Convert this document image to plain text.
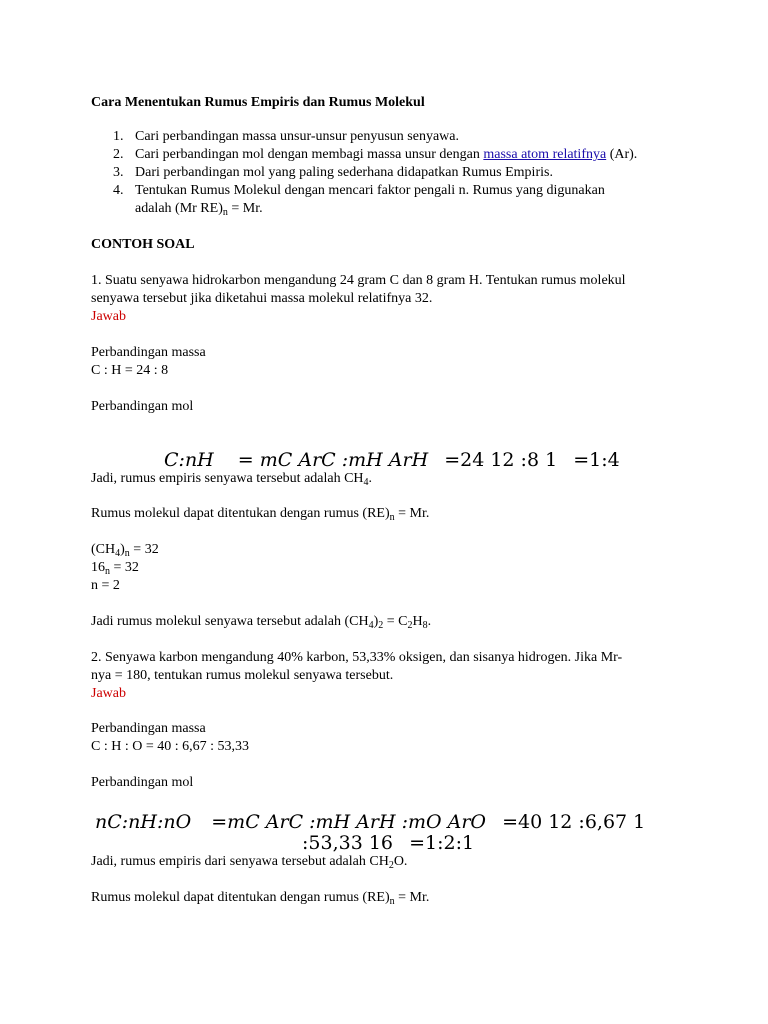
Cara Menentukan Rumus Empiris dan Rumus Molekul

1. Cari perbandingan massa unsur-unsur penyusun senyawa.
2. Cari perbandingan mol dengan membagi massa unsur dengan massa atom relatifnya (Ar).
3. Dari perbandingan mol yang paling sederhana didapatkan Rumus Empiris.
4. Tentukan Rumus Molekul dengan mencari faktor pengali n. Rumus yang digunakan
adalah (Mr $RE)_n = Mr$.

CONTOH SOAL

1. Suatu senyawa hidrokarbon mengandung 24 gram C dan 8 gram H. Tentukan rumus molekul

senyawa tersebut jika diketahui massa molekul relatifnya 32.

Jawab

Perbandingan massa

C : H = 24 : 8

Perbandingan mol

C:nH = mC ArC :mH ArH =24 12 :8 1 =1:4

Jadi, rumus empiris senyawa tersebut adalah $CH_4$.

Rumus molekul dapat ditentukan dengan rumus $(RE)_n = Mr$.

$(CH_4)_n = 32$

$16_n = 32$

n = 2

Jadi rumus molekul senyawa tersebut adalah $(CH_4)_2 = C_2H_8$.

2. Senyawa karbon mengandung 40% karbon, 53,33% oksigen, dan sisanya hidrogen. Jika Mr-

nya = 180, tentukan rumus molekul senyawa tersebut.

Jawab

Perbandingan massa

C : H : O = 40 : 6,67 : 53,33

Perbandingan mol

nC:nH:nO =mC ArC :mH ArH :mO ArO =40 12 :6,67 1
:53,33 16 =1:2:1

Jadi, rumus empiris dari senyawa tersebut adalah $CH_2O$.

Rumus molekul dapat ditentukan dengan rumus $(RE)_n = Mr$.
